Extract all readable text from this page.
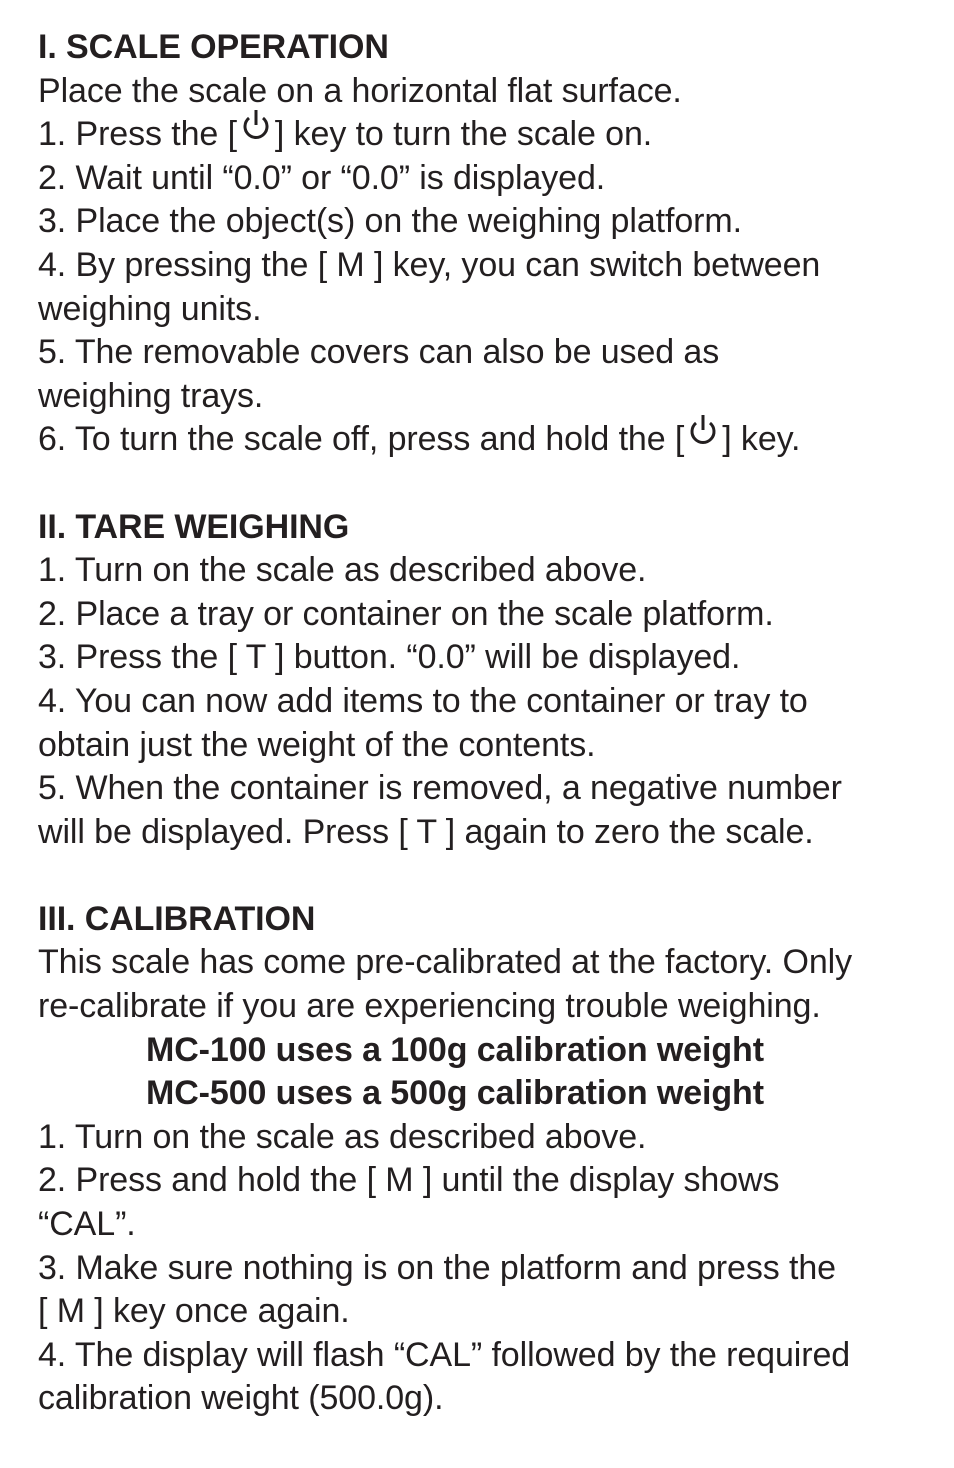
I. SCALE OPERATION
Place the scale on a horizontal flat surface.
1. Press the [ ] key to turn the scale on.
2. Wait until “0.0” or “0.0” is displayed.
3. Place the object(s) on the weighing platform.
4. By pressing the [ M ] key, you can switch between
weighing units.
5. The removable covers can also be used as
weighing trays.
6. To turn the scale off, press and hold the [ ] key.
II. TARE WEIGHING
1. Turn on the scale as described above.
2. Place a tray or container on the scale platform.
3. Press the [ T ] button. “0.0” will be displayed.
4. You can now add items to the container or tray to
obtain just the weight of the contents.
5. When the container is removed, a negative number
will be displayed. Press [ T ] again to zero the scale.
III. CALIBRATION
This scale has come pre-calibrated at the factory. Only
re-calibrate if you are experiencing trouble weighing.
MC-100 uses a 100g calibration weight
MC-500 uses a 500g calibration weight
1. Turn on the scale as described above.
2. Press and hold the [ M ] until the display shows
“CAL”.
3. Make sure nothing is on the platform and press the
[ M ] key once again.
4. The display will flash “CAL” followed by the required
calibration weight (500.0g).
